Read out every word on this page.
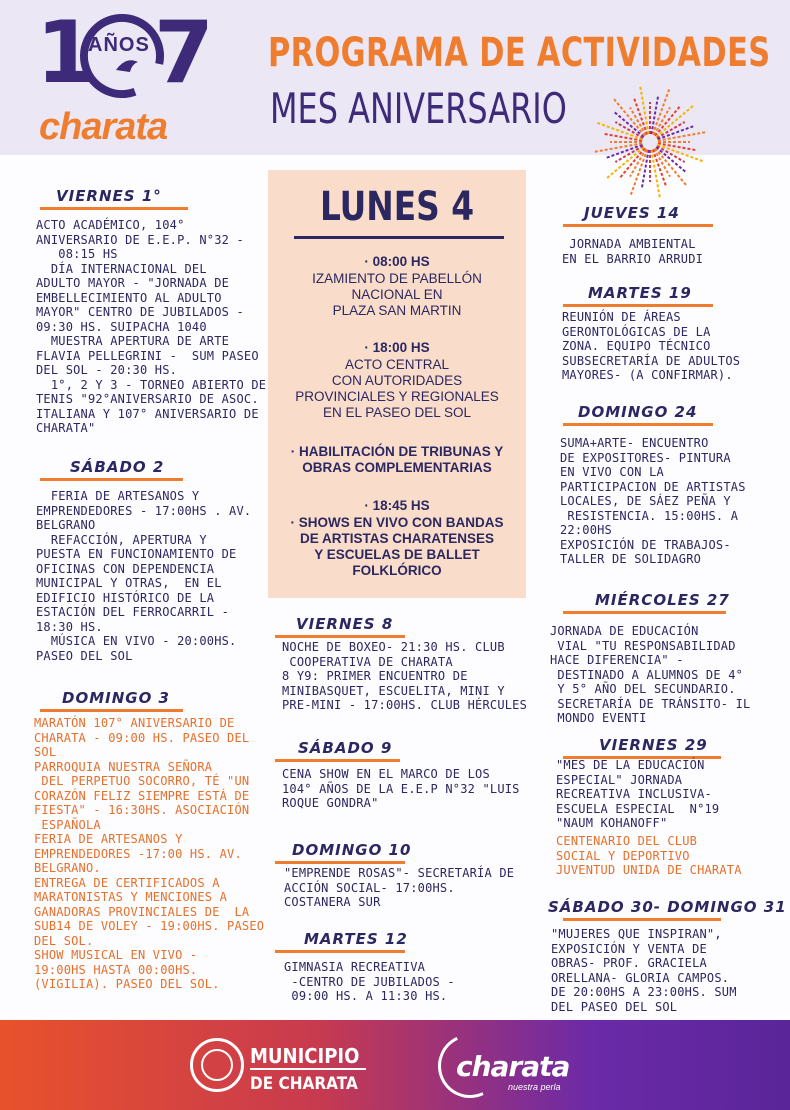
1
AÑOS 7
charata
PROGRAMA DE ACTIVIDADES
MES ANIVERSARIO
VIERNES 1°
ACTO ACADÉMICO, 104°
ANIVERSARIO DE E.E.P. N°32 -
08:15 HS
DÍA INTERNACIONAL DEL
ADULTO MAYOR - "JORNADA DE
EMBELLECIMIENTO AL ADULTO
MAYOR" CENTRO DE JUBILADOS -
09:30 HS. SUIPACHA 1040
MUESTRA APERTURA DE ARTE
FLAVIA PELLEGRINI -  SUM PASEO
DEL SOL - 20:30 HS.
1°, 2 Y 3 - TORNEO ABIERTO DE
TENIS "92°ANIVERSARIO DE ASOC.
ITALIANA Y 107° ANIVERSARIO DE
CHARATA"
SÁBADO 2
FERIA DE ARTESANOS Y
EMPRENDEDORES - 17:00HS . AV.
BELGRANO
REFACCIÓN, APERTURA Y
PUESTA EN FUNCIONAMIENTO DE
OFICINAS CON DEPENDENCIA
MUNICIPAL Y OTRAS,  EN EL
EDIFICIO HISTÓRICO DE LA
ESTACIÓN DEL FERROCARRIL -
18:30 HS.
MÚSICA EN VIVO - 20:00HS.
PASEO DEL SOL
DOMINGO 3
MARATÓN 107° ANIVERSARIO DE
CHARATA - 09:00 HS. PASEO DEL
SOL
PARROQUIA NUESTRA SEÑORA
DEL PERPETUO SOCORRO, TÉ "UN
CORAZÓN FELIZ SIEMPRE ESTÁ DE
FIESTA" - 16:30HS. ASOCIACIÓN
ESPAÑOLA
FERIA DE ARTESANOS Y
EMPRENDEDORES -17:00 HS. AV.
BELGRANO.
ENTREGA DE CERTIFICADOS A
MARATONISTAS Y MENCIONES A
GANADORAS PROVINCIALES DE  LA
SUB14 DE VOLEY - 19:00HS. PASEO
DEL SOL.
SHOW MUSICAL EN VIVO -
19:00HS HASTA 00:00HS.
(VIGILIA). PASEO DEL SOL.
LUNES 4
· 08:00 HS
IZAMIENTO DE PABELLÓN
NACIONAL EN
PLAZA SAN MARTIN
· 18:00 HS
ACTO CENTRAL
CON AUTORIDADES
PROVINCIALES Y REGIONALES
EN EL PASEO DEL SOL
· HABILITACIÓN DE TRIBUNAS Y
OBRAS COMPLEMENTARIAS
· 18:45 HS
· SHOWS EN VIVO CON BANDAS
DE ARTISTAS CHARATENSES
Y ESCUELAS DE BALLET
FOLKLÓRICO
VIERNES 8
NOCHE DE BOXEO- 21:30 HS. CLUB
COOPERATIVA DE CHARATA
8 Y9: PRIMER ENCUENTRO DE
MINIBASQUET, ESCUELITA, MINI Y
PRE-MINI - 17:00HS. CLUB HÉRCULES
SÁBADO 9
CENA SHOW EN EL MARCO DE LOS
104° AÑOS DE LA E.E.P N°32 "LUIS
ROQUE GONDRA"
DOMINGO 10
"EMPRENDE ROSAS"- SECRETARÍA DE
ACCIÓN SOCIAL- 17:00HS.
COSTANERA SUR
MARTES 12
GIMNASIA RECREATIVA
-CENTRO DE JUBILADOS -
09:00 HS. A 11:30 HS.
JUEVES 14
JORNADA AMBIENTAL
EN EL BARRIO ARRUDI
MARTES 19
REUNIÓN DE ÁREAS
GERONTOLÓGICAS DE LA
ZONA. EQUIPO TÉCNICO
SUBSECRETARÍA DE ADULTOS
MAYORES- (A CONFIRMAR).
DOMINGO 24
SUMA+ARTE- ENCUENTRO
DE EXPOSITORES- PINTURA
EN VIVO CON LA
PARTICIPACION DE ARTISTAS
LOCALES, DE SÁEZ PEÑA Y
RESISTENCIA. 15:00HS. A
22:00HS
EXPOSICIÓN DE TRABAJOS-
TALLER DE SOLIDAGRO
MIÉRCOLES 27
JORNADA DE EDUCACIÓN
VIAL "TU RESPONSABILIDAD
HACE DIFERENCIA" -
DESTINADO A ALUMNOS DE 4°
Y 5° AÑO DEL SECUNDARIO.
SECRETARÍA DE TRÁNSITO- IL
MONDO EVENTI
VIERNES 29
"MES DE LA EDUCACIÓN
ESPECIAL" JORNADA
RECREATIVA INCLUSIVA-
ESCUELA ESPECIAL  N°19
"NAUM KOHANOFF"
CENTENARIO DEL CLUB
SOCIAL Y DEPORTIVO
JUVENTUD UNIDA DE CHARATA
SÁBADO 30- DOMINGO 31
"MUJERES QUE INSPIRAN",
EXPOSICIÓN Y VENTA DE
OBRAS- PROF. GRACIELA
ORELLANA- GLORIA CAMPOS.
DE 20:00HS A 23:00HS. SUM
DEL PASEO DEL SOL
MUNICIPIO
DE CHARATA
charata
nuestra perla
